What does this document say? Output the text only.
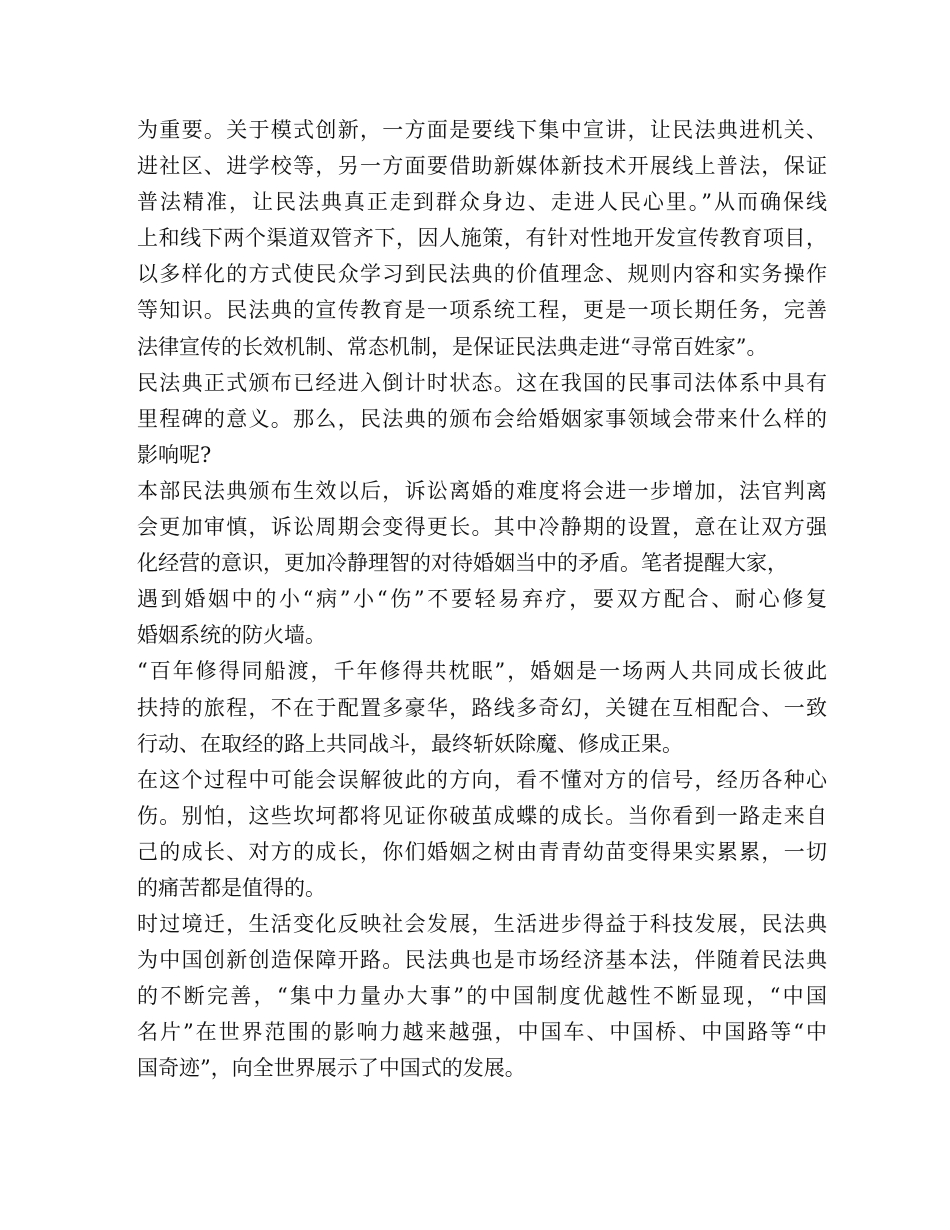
为重要。关于模式创新，一方面是要线下集中宣讲，让民法典进机关、
进社区、进学校等，另一方面要借助新媒体新技术开展线上普法，保证
普法精准，让民法典真正走到群众身边、走进人民心里。”从而确保线
上和线下两个渠道双管齐下，因人施策，有针对性地开发宣传教育项目，
以多样化的方式使民众学习到民法典的价值理念、规则内容和实务操作
等知识。民法典的宣传教育是一项系统工程，更是一项长期任务，完善
法律宣传的长效机制、常态机制，是保证民法典走进“寻常百姓家”。
民法典正式颁布已经进入倒计时状态。这在我国的民事司法体系中具有
里程碑的意义。那么，民法典的颁布会给婚姻家事领域会带来什么样的
影响呢?
本部民法典颁布生效以后，诉讼离婚的难度将会进一步增加，法官判离
会更加审慎，诉讼周期会变得更长。其中冷静期的设置，意在让双方强
化经营的意识，更加冷静理智的对待婚姻当中的矛盾。笔者提醒大家，
遇到婚姻中的小“病”小“伤”不要轻易弃疗，要双方配合、耐心修复
婚姻系统的防火墙。
“百年修得同船渡，千年修得共枕眠”，婚姻是一场两人共同成长彼此
扶持的旅程，不在于配置多豪华，路线多奇幻，关键在互相配合、一致
行动、在取经的路上共同战斗，最终斩妖除魔、修成正果。
在这个过程中可能会误解彼此的方向，看不懂对方的信号，经历各种心
伤。别怕，这些坎坷都将见证你破茧成蝶的成长。当你看到一路走来自
己的成长、对方的成长，你们婚姻之树由青青幼苗变得果实累累，一切
的痛苦都是值得的。
时过境迁，生活变化反映社会发展，生活进步得益于科技发展，民法典
为中国创新创造保障开路。民法典也是市场经济基本法，伴随着民法典
的不断完善，“集中力量办大事”的中国制度优越性不断显现，“中国
名片”在世界范围的影响力越来越强，中国车、中国桥、中国路等“中
国奇迹”，向全世界展示了中国式的发展。
